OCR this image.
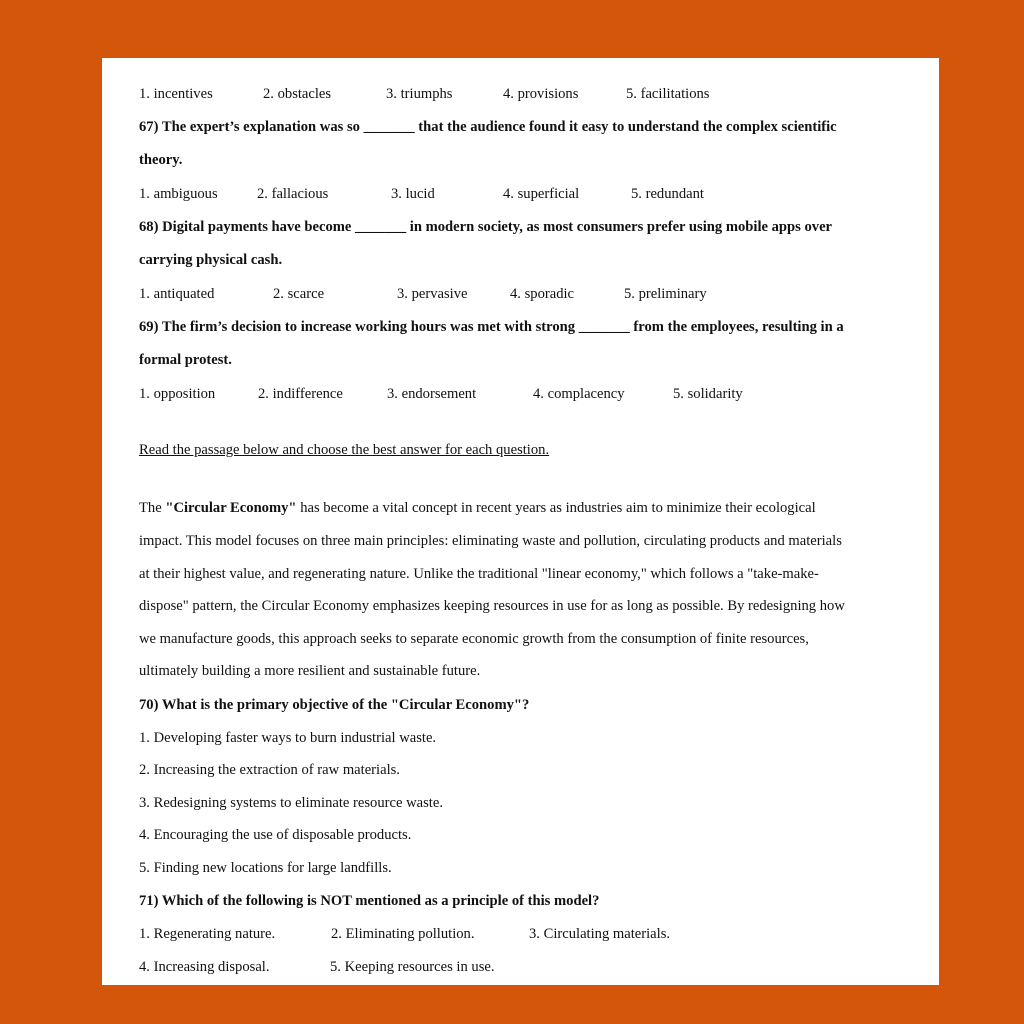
1. incentives	2. obstacles	3. triumphs	4. provisions	5. facilitations
67) The expert’s explanation was so _______ that the audience found it easy to understand the complex scientific
theory.
1. ambiguous	2. fallacious	3. lucid	4. superficial	5. redundant
68) Digital payments have become _______ in modern society, as most consumers prefer using mobile apps over
carrying physical cash.
1. antiquated	2. scarce	3. pervasive	4. sporadic	5. preliminary
69) The firm’s decision to increase working hours was met with strong _______ from the employees, resulting in a
formal protest.
1. opposition	2. indifference	3. endorsement	4. complacency	5. solidarity
Read the passage below and choose the best answer for each question.
The "Circular Economy" has become a vital concept in recent years as industries aim to minimize their ecological
impact. This model focuses on three main principles: eliminating waste and pollution, circulating products and materials
at their highest value, and regenerating nature. Unlike the traditional "linear economy," which follows a "take-make-
dispose" pattern, the Circular Economy emphasizes keeping resources in use for as long as possible. By redesigning how
we manufacture goods, this approach seeks to separate economic growth from the consumption of finite resources,
ultimately building a more resilient and sustainable future.
70) What is the primary objective of the "Circular Economy"?
1. Developing faster ways to burn industrial waste.
2. Increasing the extraction of raw materials.
3. Redesigning systems to eliminate resource waste.
4. Encouraging the use of disposable products.
5. Finding new locations for large landfills.
71) Which of the following is NOT mentioned as a principle of this model?
1. Regenerating nature.	2. Eliminating pollution.	3. Circulating materials.
4. Increasing disposal.	5. Keeping resources in use.
